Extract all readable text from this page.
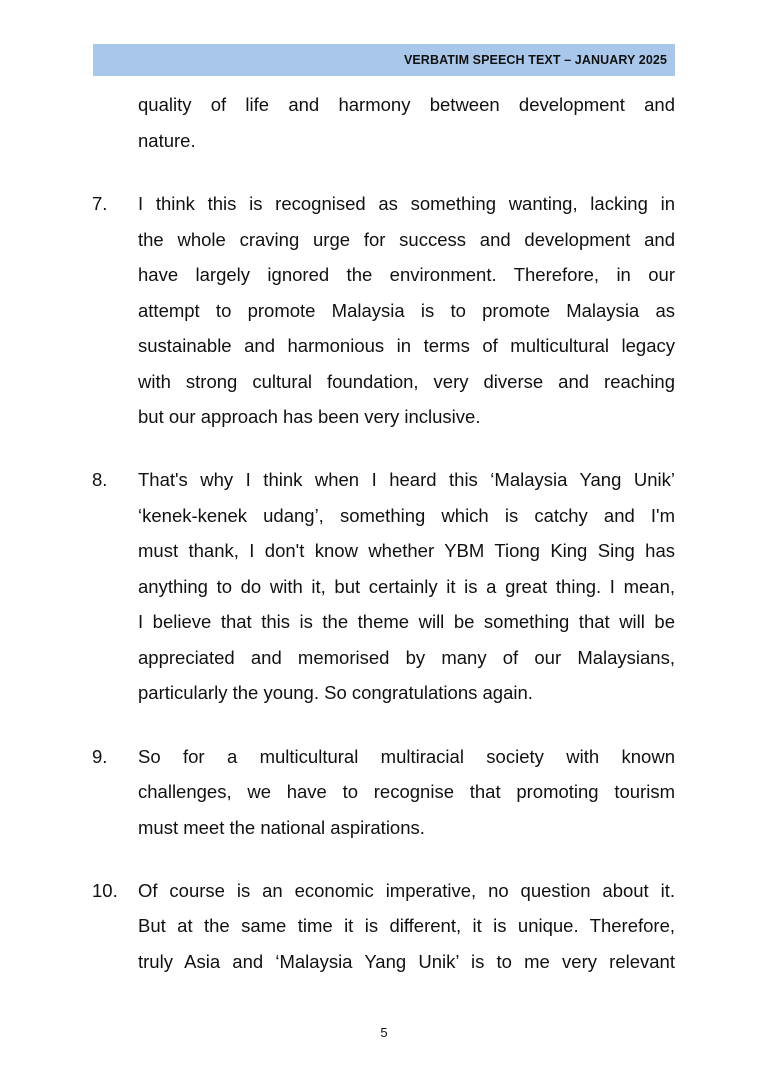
VERBATIM SPEECH TEXT – JANUARY 2025
quality of life and harmony between development and
nature.
7. I think this is recognised as something wanting, lacking in
the whole craving urge for success and development and
have largely ignored the environment. Therefore, in our
attempt to promote Malaysia is to promote Malaysia as
sustainable and harmonious in terms of multicultural legacy
with strong cultural foundation, very diverse and reaching
but our approach has been very inclusive.
8. That's why I think when I heard this ‘Malaysia Yang Unik’
‘kenek-kenek udang’, something which is catchy and I'm
must thank, I don't know whether YBM Tiong King Sing has
anything to do with it, but certainly it is a great thing. I mean,
I believe that this is the theme will be something that will be
appreciated and memorised by many of our Malaysians,
particularly the young. So congratulations again.
9. So for a multicultural multiracial society with known
challenges, we have to recognise that promoting tourism
must meet the national aspirations.
10. Of course is an economic imperative, no question about it.
But at the same time it is different, it is unique. Therefore,
truly Asia and ‘Malaysia Yang Unik’ is to me very relevant
5
